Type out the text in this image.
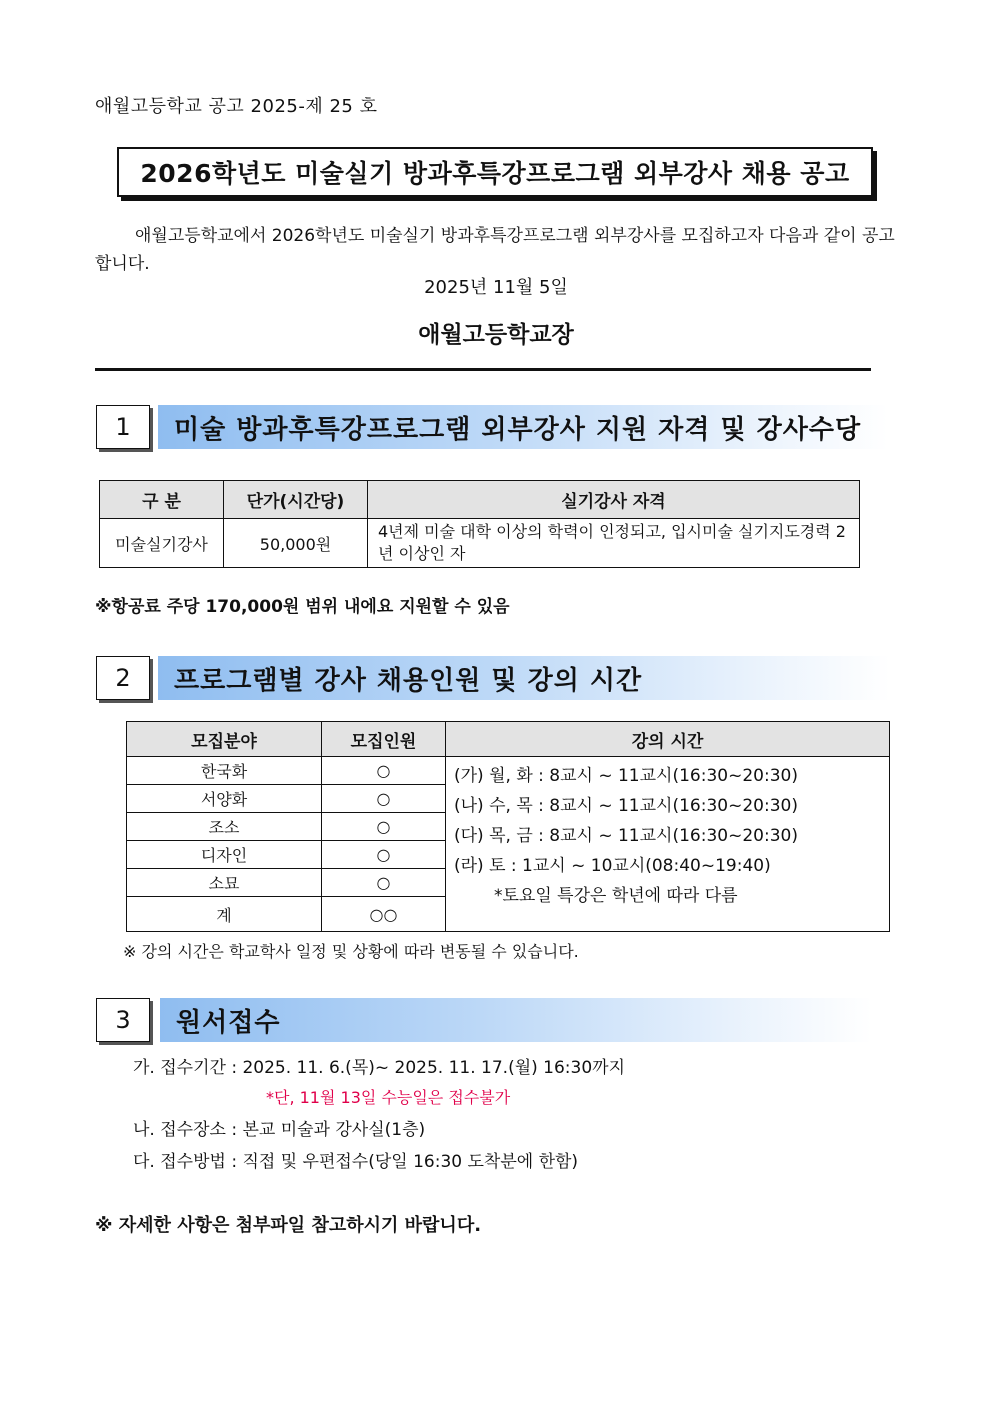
애월고등학교 공고 2025-제 25 호
2026학년도 미술실기 방과후특강프로그램 외부강사 채용 공고
애월고등학교에서 2026학년도 미술실기 방과후특강프로그램 외부강사를 모집하고자 다음과 같이 공고합니다.
2025년 11월 5일
애월고등학교장
1	미술 방과후특강프로그램 외부강사 지원 자격 및 강사수당
구 분	단가(시간당)	실기강사 자격
미술실기강사	50,000원	4년제 미술 대학 이상의 학력이 인정되고, 입시미술 실기지도경력 2년 이상인 자
※항공료 주당 170,000원 범위 내에요 지원할 수 있음
2	프로그램별 강사 채용인원 및 강의 시간
모집분야	모집인원	강의 시간
한국화	○	(가) 월, 화 : 8교시 ~ 11교시(16:30~20:30)
(나) 수, 목 : 8교시 ~ 11교시(16:30~20:30)
(다) 목, 금 : 8교시 ~ 11교시(16:30~20:30)
(라) 토 : 1교시 ~ 10교시(08:40~19:40)
*토요일 특강은 학년에 따라 다름

서양화	○	
조소	○	
디자인	○	
소묘	○	
계	○○	
※ 강의 시간은 학교학사 일정 및 상황에 따라 변동될 수 있습니다.
3	원서접수
가. 접수기간 : 2025. 11. 6.(목)~ 2025. 11. 17.(월) 16:30까지
*단, 11월 13일 수능일은 접수불가
나. 접수장소 : 본교 미술과 강사실(1층)
다. 접수방법 : 직접 및 우편접수(당일 16:30 도착분에 한함)
※ 자세한 사항은 첨부파일 참고하시기 바랍니다.
